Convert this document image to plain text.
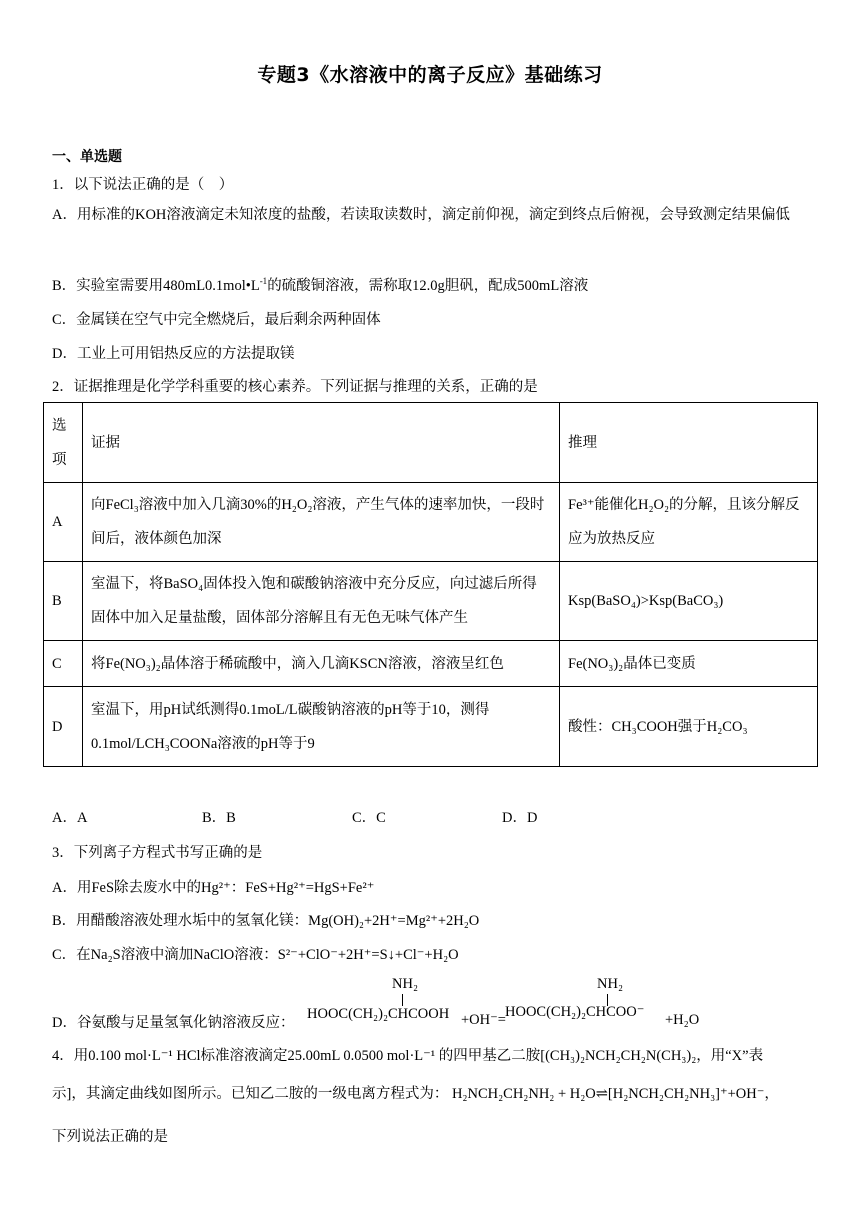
专题3《水溶液中的离子反应》基础练习
一、单选题
1．以下说法正确的是（　）
A．用标准的KOH溶液滴定未知浓度的盐酸，若读取读数时，滴定前仰视，滴定到终点后俯视，会导致测定结果偏低
B．实验室需要用$480mL0.1mol•L^{-1}$的硫酸铜溶液，需称取12.0g胆矾，配成500mL溶液
C．金属镁在空气中完全燃烧后，最后剩余两种固体
D．工业上可用铝热反应的方法提取镁
2．证据推理是化学学科重要的核心素养。下列证据与推理的关系，正确的是
选项	证据	推理
A	向FeCl₃溶液中加入几滴30%的H₂O₂溶液，产生气体的速率加快，一段时间后，液体颜色加深	Fe³⁺能催化H₂O₂的分解，且该分解反应为放热反应
B	室温下，将BaSO₄固体投入饱和碳酸钠溶液中充分反应，向过滤后所得固体中加入足量盐酸，固体部分溶解且有无色无味气体产生	Ksp(BaSO₄)>Ksp(BaCO₃)
C	将Fe(NO₃)₂晶体溶于稀硫酸中，滴入几滴KSCN溶液，溶液呈红色	Fe(NO₃)₂晶体已变质
D	室温下，用pH试纸测得0.1moL/L碳酸钠溶液的pH等于10，测得0.1mol/LCH₃COONa溶液的pH等于9	酸性：CH₃COOH强于H₂CO₃
A．A	B．B	C．C	D．D
3．下列离子方程式书写正确的是
A．用FeS除去废水中的Hg²⁺：FeS+Hg²⁺=HgS+Fe²⁺
B．用醋酸溶液处理水垢中的氢氧化镁：Mg(OH)₂+2H⁺=Mg²⁺+2H₂O
C．在Na₂S溶液中滴加NaClO溶液：S²⁻+ClO⁻+2H⁺=S↓+Cl⁻+H₂O
D．谷氨酸与足量氢氧化钠溶液反应：
NH₂
HOOC(CH₂)₂CHCOOH +OH⁻=
NH₂
HOOC(CH₂)₂CHCOO⁻ +H₂O
4．用0.100 mol·L⁻¹ HCl标准溶液滴定25.00mL 0.0500 mol·L⁻¹ 的四甲基乙二胺[(CH₃)₂NCH₂CH₂N(CH₃)₂，用“X”表
示]，其滴定曲线如图所示。已知乙二胺的一级电离方程式为： H₂NCH₂CH₂NH₂ + H₂O⇌[H₂NCH₂CH₂NH₃]⁺+OH⁻，
下列说法正确的是
